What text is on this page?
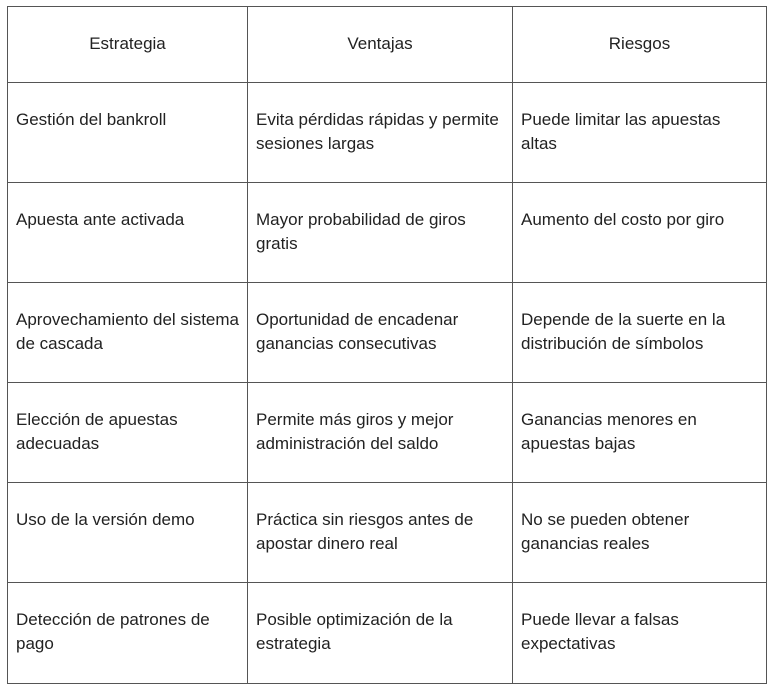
Estrategia	Ventajas	Riesgos
Gestión del bankroll	Evita pérdidas rápidas y permite sesiones largas	Puede limitar las apuestas altas
Apuesta ante activada	Mayor probabilidad de giros gratis	Aumento del costo por giro
Aprovechamiento del sistema de cascada	Oportunidad de encadenar ganancias consecutivas	Depende de la suerte en la distribución de símbolos
Elección de apuestas adecuadas	Permite más giros y mejor administración del saldo	Ganancias menores en apuestas bajas
Uso de la versión demo	Práctica sin riesgos antes de apostar dinero real	No se pueden obtener ganancias reales
Detección de patrones de pago	Posible optimización de la estrategia	Puede llevar a falsas expectativas
